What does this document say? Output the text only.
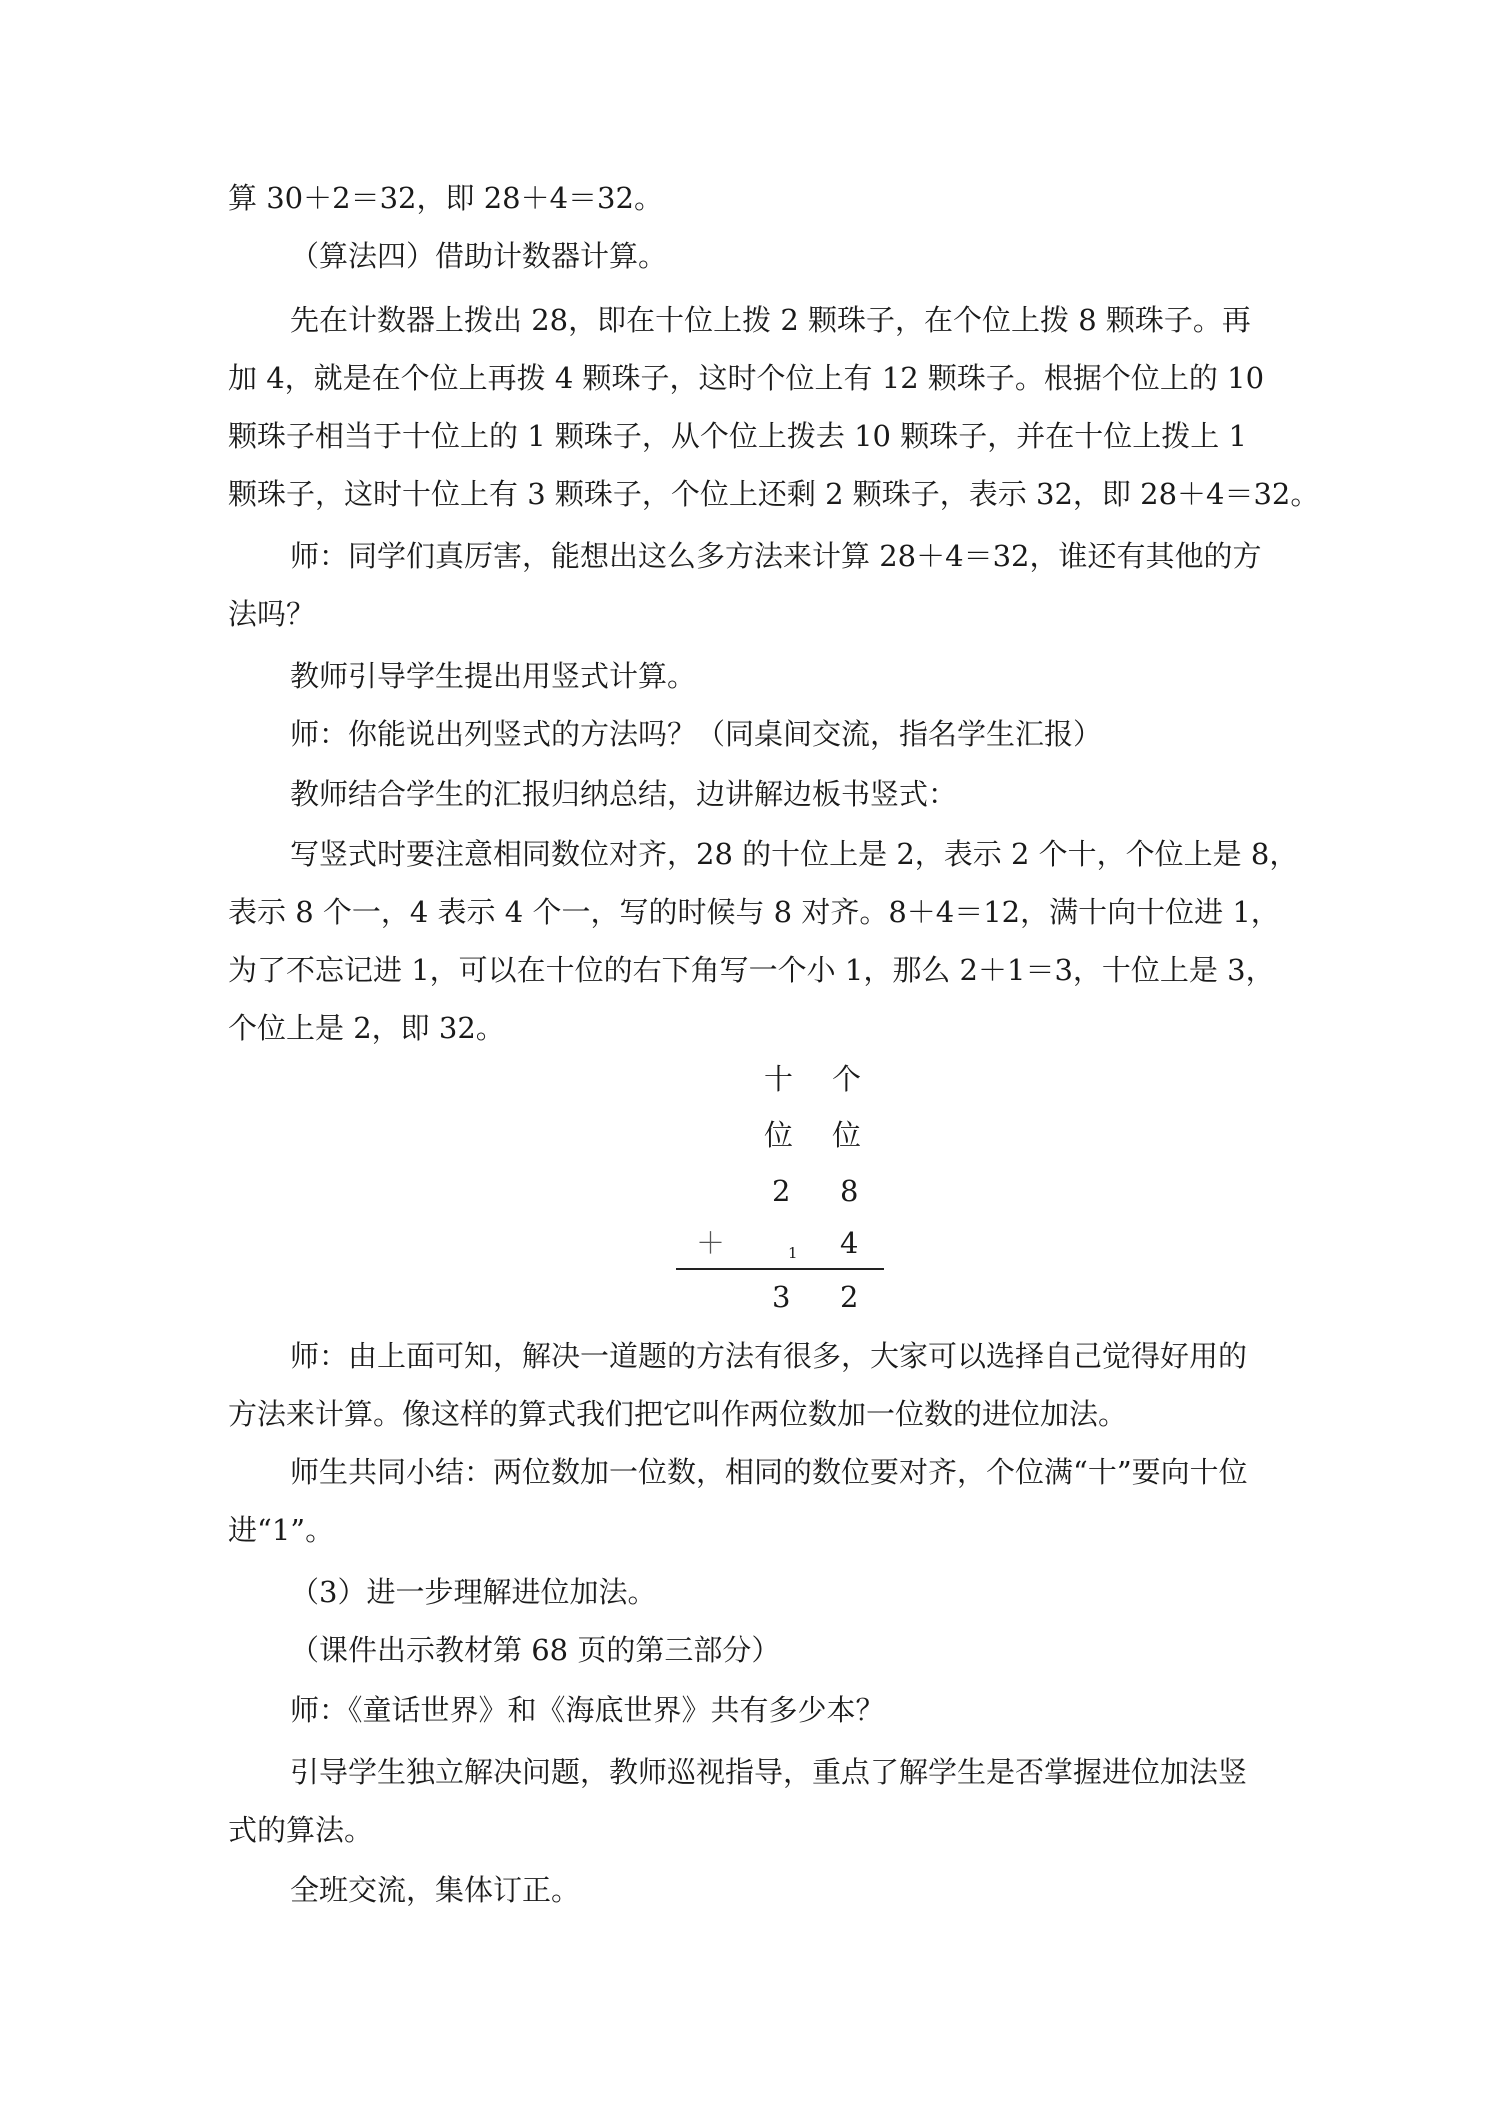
算 30＋2＝32，即 28＋4＝32。
（算法四）借助计数器计算。
先在计数器上拨出 28，即在十位上拨 2 颗珠子，在个位上拨 8 颗珠子。再
加 4，就是在个位上再拨 4 颗珠子，这时个位上有 12 颗珠子。根据个位上的 10
颗珠子相当于十位上的 1 颗珠子，从个位上拨去 10 颗珠子，并在十位上拨上 1
颗珠子，这时十位上有 3 颗珠子，个位上还剩 2 颗珠子，表示 32，即 28＋4＝32。
师：同学们真厉害，能想出这么多方法来计算 28＋4＝32，谁还有其他的方
法吗？
教师引导学生提出用竖式计算。
师：你能说出列竖式的方法吗？（同桌间交流，指名学生汇报）
教师结合学生的汇报归纳总结，边讲解边板书竖式：
写竖式时要注意相同数位对齐，28 的十位上是 2，表示 2 个十，个位上是 8，
表示 8 个一，4 表示 4 个一，写的时候与 8 对齐。8＋4＝12，满十向十位进 1，
为了不忘记进 1，可以在十位的右下角写一个小 1，那么 2＋1＝3，十位上是 3，
个位上是 2，即 32。
十 个
位 位
2 8
＋	1 4
3 2
师：由上面可知，解决一道题的方法有很多，大家可以选择自己觉得好用的
方法来计算。像这样的算式我们把它叫作两位数加一位数的进位加法。
师生共同小结：两位数加一位数，相同的数位要对齐，个位满“十”要向十位
进“1”。
（3）进一步理解进位加法。
（课件出示教材第 68 页的第三部分）
师：《童话世界》和《海底世界》共有多少本？
引导学生独立解决问题，教师巡视指导，重点了解学生是否掌握进位加法竖
式的算法。
全班交流，集体订正。
